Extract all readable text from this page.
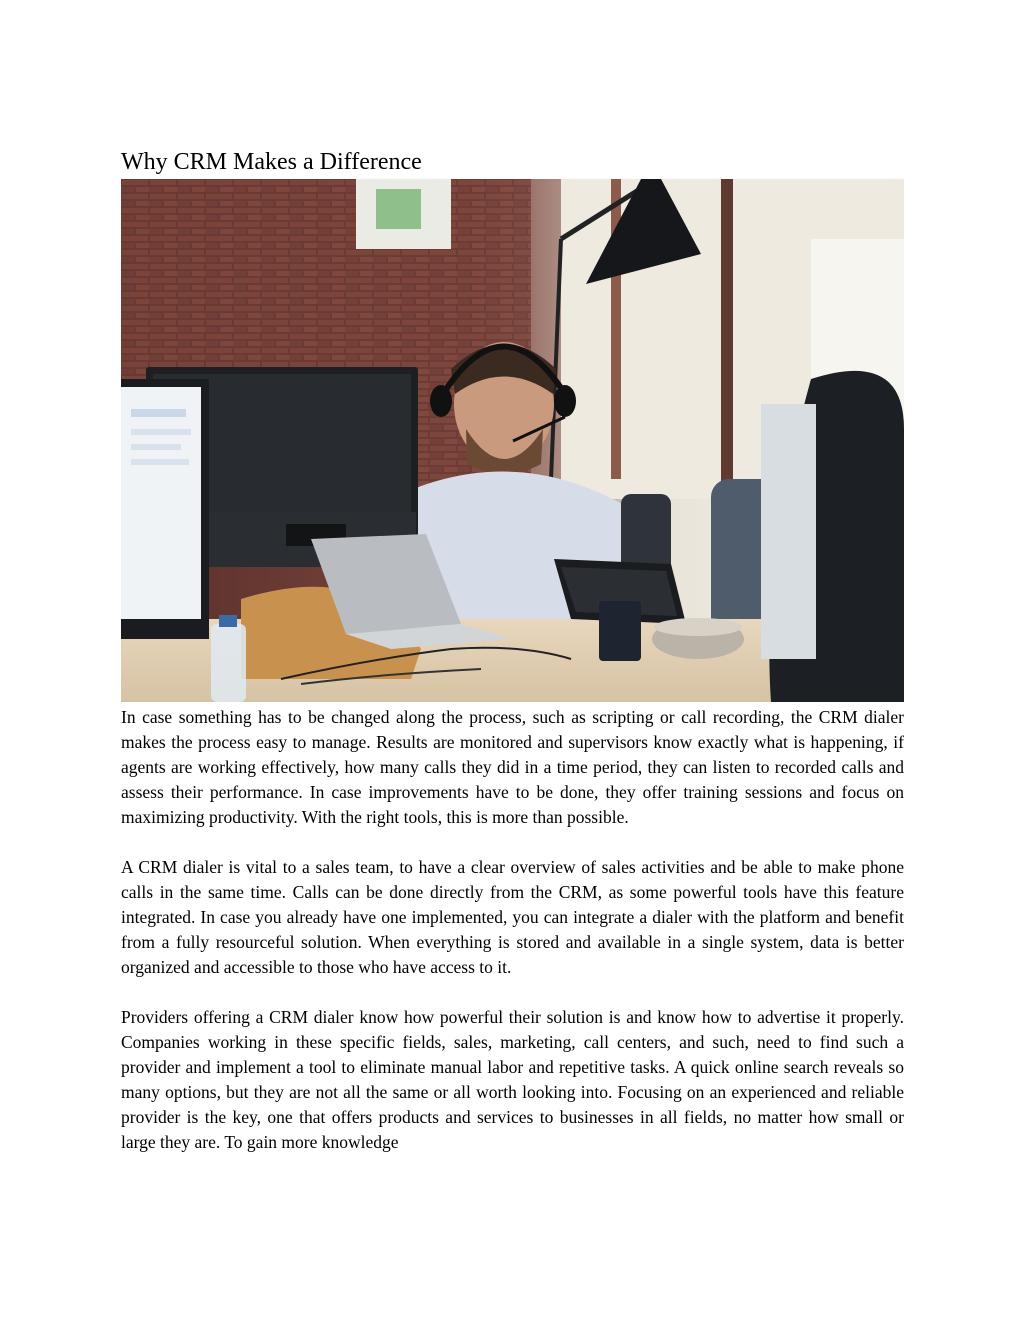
Why CRM Makes a Difference

In case something has to be changed along the process, such as scripting or call recording, the CRM dialer makes the process easy to manage. Results are monitored and supervisors know exactly what is happening, if agents are working effectively, how many calls they did in a time period, they can listen to recorded calls and assess their performance. In case improvements have to be done, they offer training sessions and focus on maximizing productivity. With the right tools, this is more than possible.

A CRM dialer is vital to a sales team, to have a clear overview of sales activities and be able to make phone calls in the same time. Calls can be done directly from the CRM, as some powerful tools have this feature integrated. In case you already have one implemented, you can integrate a dialer with the platform and benefit from a fully resourceful solution. When everything is stored and available in a single system, data is better organized and accessible to those who have access to it.

Providers offering a CRM dialer know how powerful their solution is and know how to advertise it properly. Companies working in these specific fields, sales, marketing, call centers, and such, need to find such a provider and implement a tool to eliminate manual labor and repetitive tasks. A quick online search reveals so many options, but they are not all the same or all worth looking into. Focusing on an experienced and reliable provider is the key, one that offers products and services to businesses in all fields, no matter how small or large they are. To gain more knowledge
